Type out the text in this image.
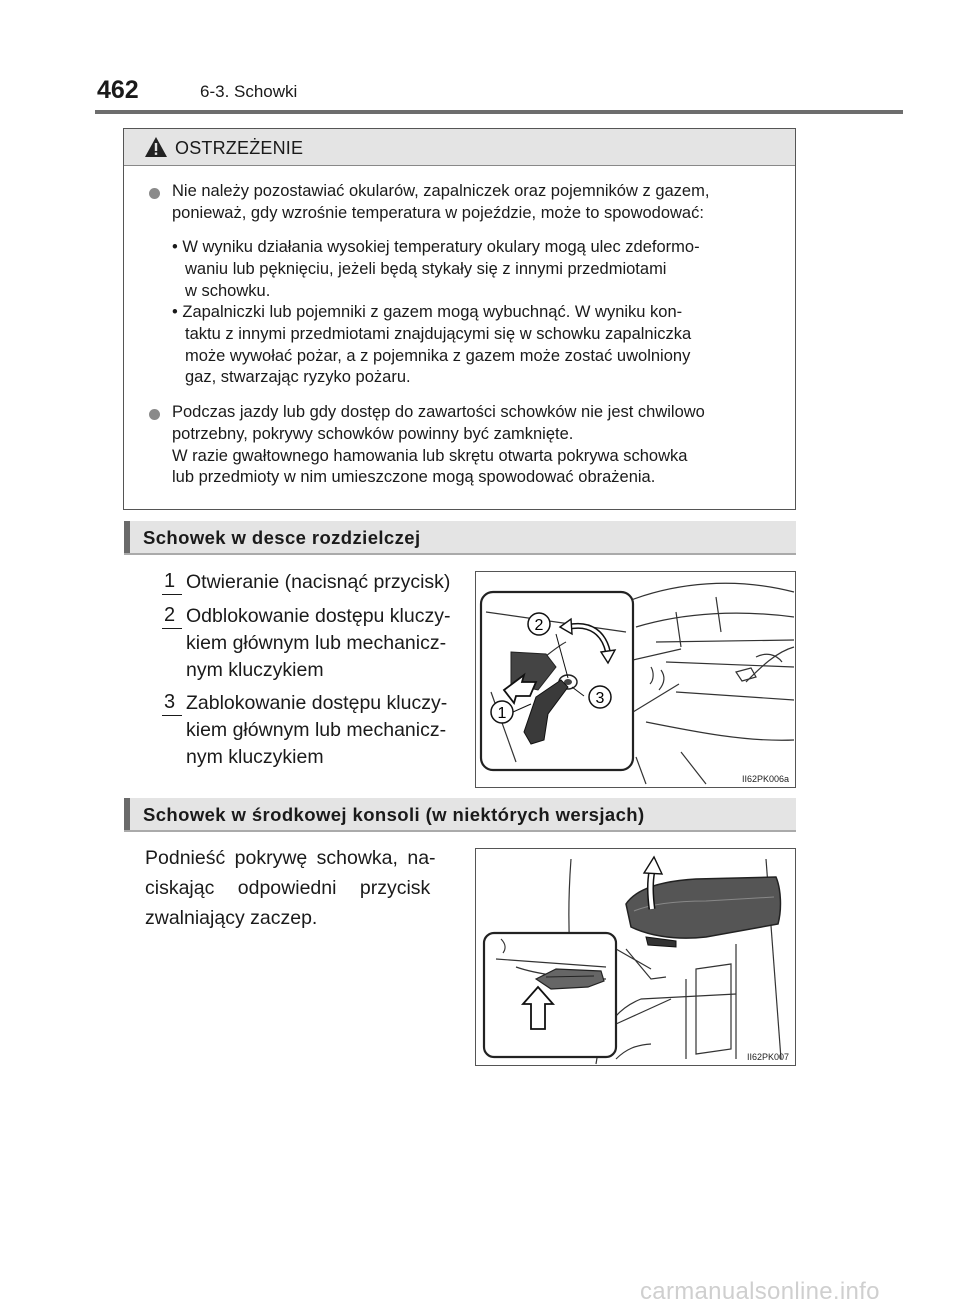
462	6-3. Schowki
OSTRZEŻENIE
Nie należy pozostawiać okularów, zapalniczek oraz pojemników z gazem,
ponieważ, gdy wzrośnie temperatura w pojeździe, może to spowodować:
• W wyniku działania wysokiej temperatury okulary mogą ulec zdeformo-
waniu lub pęknięciu, jeżeli będą stykały się z innymi przedmiotami
w schowku.
• Zapalniczki lub pojemniki z gazem mogą wybuchnąć. W wyniku kon-
taktu z innymi przedmiotami znajdującymi się w schowku zapalniczka
może wywołać pożar, a z pojemnika z gazem może zostać uwolniony
gaz, stwarzając ryzyko pożaru.
Podczas jazdy lub gdy dostęp do zawartości schowków nie jest chwilowo
potrzebny, pokrywy schowków powinny być zamknięte.
W razie gwałtownego hamowania lub skrętu otwarta pokrywa schowka
lub przedmioty w nim umieszczone mogą spowodować obrażenia.
Schowek w desce rozdzielczej
1 Otwieranie (nacisnąć przycisk)
2 Odblokowanie dostępu kluczy-
kiem głównym lub mechanicz-
nym kluczykiem
3 Zablokowanie dostępu kluczy-
kiem głównym lub mechanicz-
nym kluczykiem
2
3
1
II62PK006a
Schowek w środkowej konsoli (w niektórych wersjach)
Podnieść pokrywę schowka, na-
ciskając odpowiedni przycisk
zwalniający zaczep.
II62PK007
carmanualsonline.info
